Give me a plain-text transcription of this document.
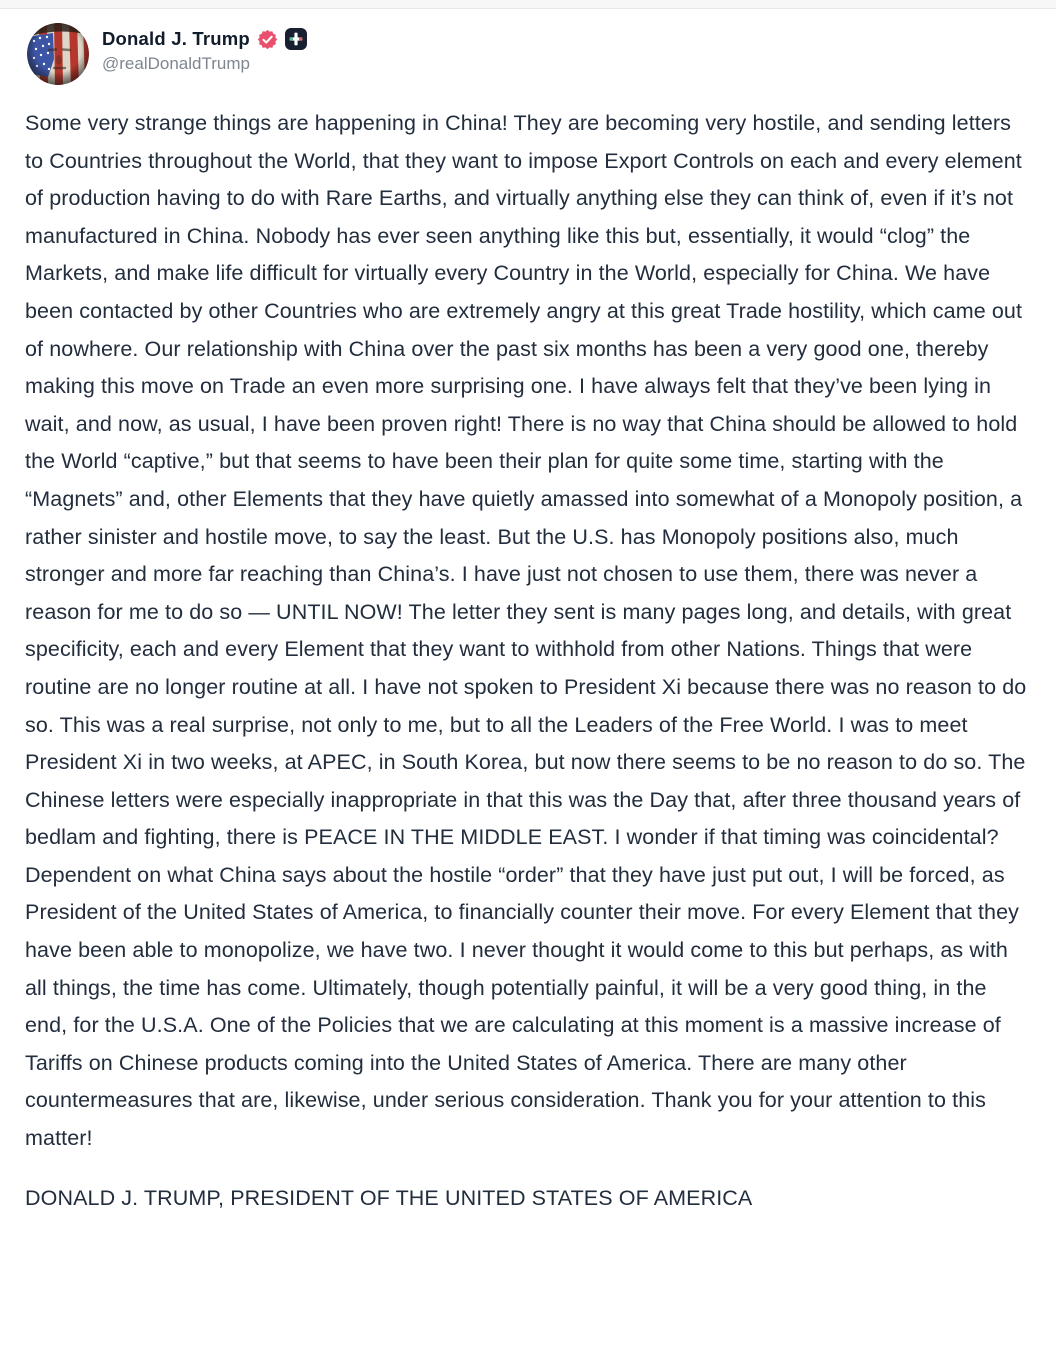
Donald J. Trump
@realDonaldTrump
Some very strange things are happening in China! They are becoming very hostile, and sending letters to Countries throughout the World, that they want to impose Export Controls on each and every element of production having to do with Rare Earths, and virtually anything else they can think of, even if it’s not manufactured in China. Nobody has ever seen anything like this but, essentially, it would “clog” the Markets, and make life difficult for virtually every Country in the World, especially for China. We have been contacted by other Countries who are extremely angry at this great Trade hostility, which came out of nowhere. Our relationship with China over the past six months has been a very good one, thereby making this move on Trade an even more surprising one. I have always felt that they’ve been lying in wait, and now, as usual, I have been proven right! There is no way that China should be allowed to hold the World “captive,” but that seems to have been their plan for quite some time, starting with the “Magnets” and, other Elements that they have quietly amassed into somewhat of a Monopoly position, a rather sinister and hostile move, to say the least. But the U.S. has Monopoly positions also, much stronger and more far reaching than China’s. I have just not chosen to use them, there was never a reason for me to do so — UNTIL NOW! The letter they sent is many pages long, and details, with great specificity, each and every Element that they want to withhold from other Nations. Things that were routine are no longer routine at all. I have not spoken to President Xi because there was no reason to do so. This was a real surprise, not only to me, but to all the Leaders of the Free World. I was to meet President Xi in two weeks, at APEC, in South Korea, but now there seems to be no reason to do so. The Chinese letters were especially inappropriate in that this was the Day that, after three thousand years of bedlam and fighting, there is PEACE IN THE MIDDLE EAST. I wonder if that timing was coincidental? Dependent on what China says about the hostile “order” that they have just put out, I will be forced, as President of the United States of America, to financially counter their move. For every Element that they have been able to monopolize, we have two. I never thought it would come to this but perhaps, as with all things, the time has come. Ultimately, though potentially painful, it will be a very good thing, in the end, for the U.S.A. One of the Policies that we are calculating at this moment is a massive increase of Tariffs on Chinese products coming into the United States of America. There are many other countermeasures that are, likewise, under serious consideration. Thank you for your attention to this matter!
DONALD J. TRUMP, PRESIDENT OF THE UNITED STATES OF AMERICA
